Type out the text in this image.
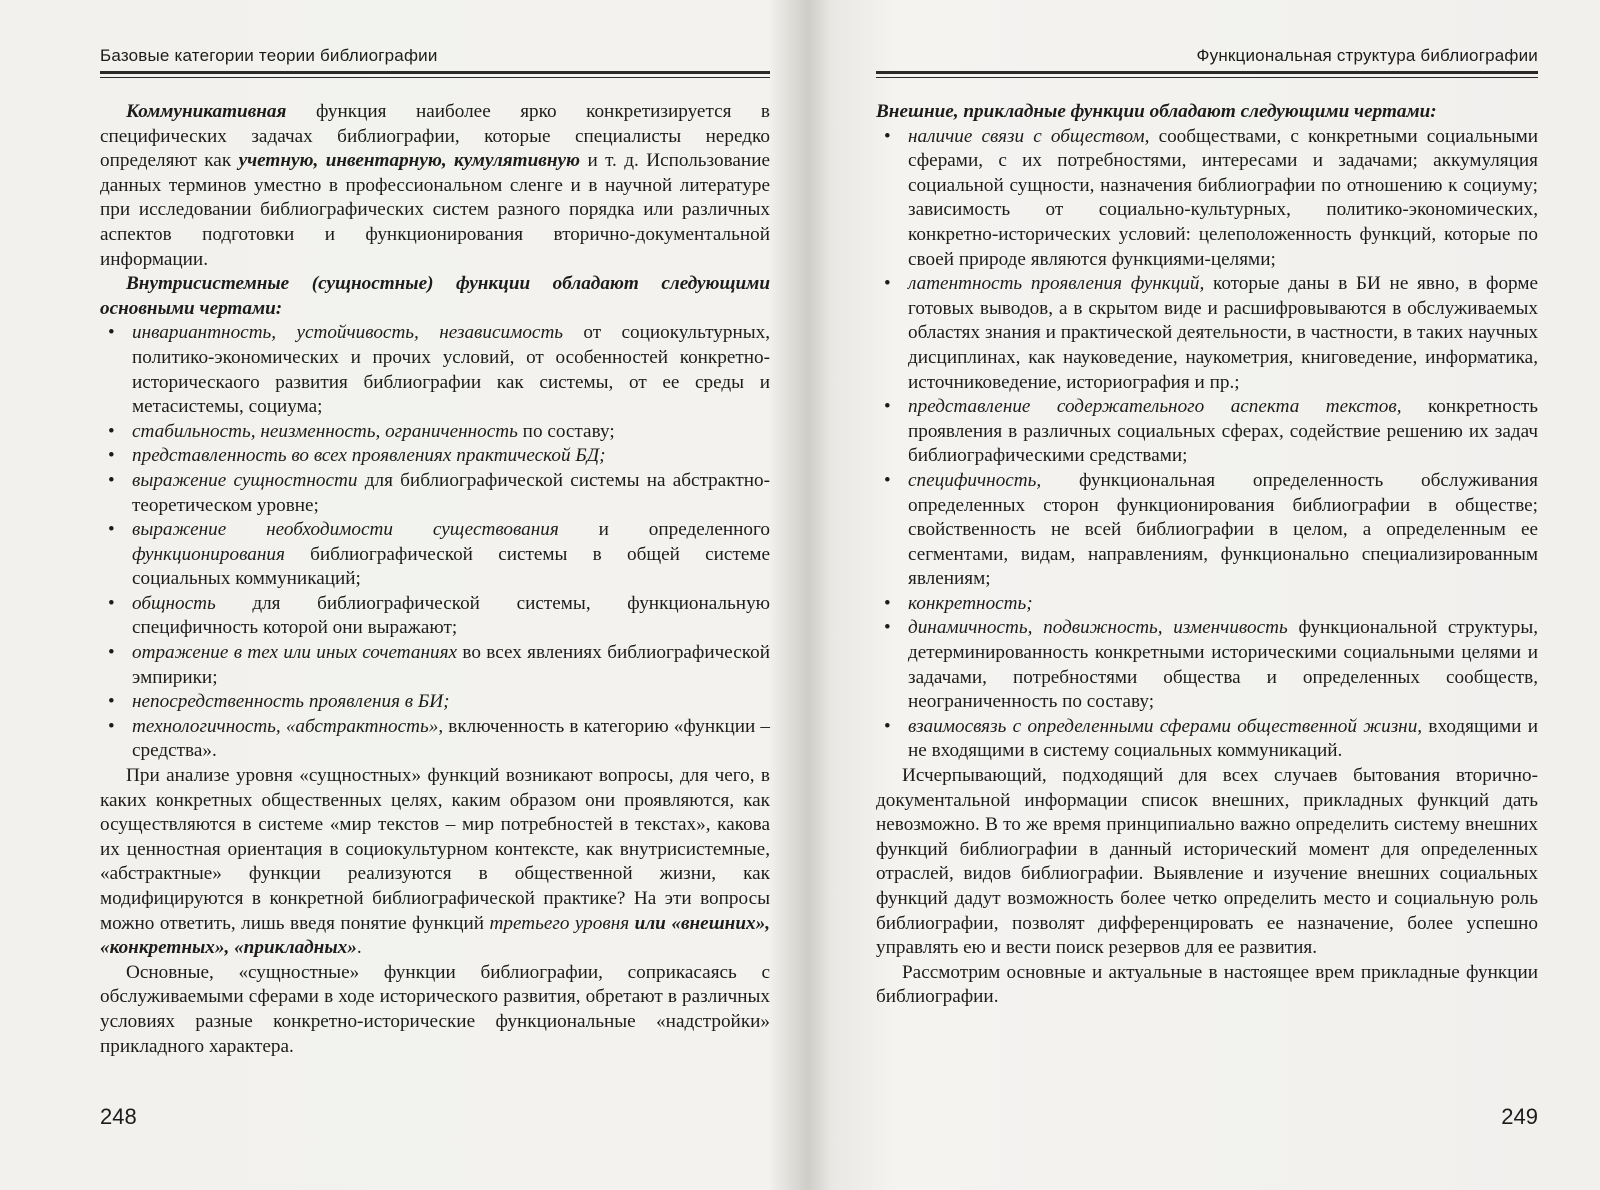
Базовые категории теории библиографии

Коммуникативная функция наиболее ярко конкретизируется в специфических задачах библиографии, которые специалисты нередко определяют как учетную, инвентарную, кумулятивную и т. д. Использование данных терминов уместно в профессиональном сленге и в научной литературе при исследовании библиографических систем разного порядка или различных аспектов подготовки и функционирования вторично-документальной информации.

Внутрисистемные (сущностные) функции обладают следующими основными чертами:

• инвариантность, устойчивость, независимость от социокультурных, политико-экономических и прочих условий, от особенностей конкретно-историческаого развития библиографии как системы, от ее среды и метасистемы, социума;
• стабильность, неизменность, ограниченность по составу;
• представленность во всех проявлениях практической БД;
• выражение сущностности для библиографической системы на абстрактно-теоретическом уровне;
• выражение необходимости существования и определенного функционирования библиографической системы в общей системе социальных коммуникаций;
• общность для библиографической системы, функциональную специфичность которой они выражают;
• отражение в тех или иных сочетаниях во всех явлениях библиографической эмпирики;
• непосредственность проявления в БИ;
• технологичность, «абстрактность», включенность в категорию «функции – средства».

При анализе уровня «сущностных» функций возникают вопросы, для чего, в каких конкретных общественных целях, каким образом они проявляются, как осуществляются в системе «мир текстов – мир потребностей в текстах», какова их ценностная ориентация в социокультурном контексте, как внутрисистемные, «абстрактные» функции реализуются в общественной жизни, как модифицируются в конкретной библиографической практике? На эти вопросы можно ответить, лишь введя понятие функций третьего уровня или «внешних», «конкретных», «прикладных».

Основные, «сущностные» функции библиографии, соприкасаясь с обслуживаемыми сферами в ходе исторического развития, обретают в различных условиях разные конкретно-исторические функциональные «надстройки» прикладного характера.

248
Функциональная структура библиографии

Внешние, прикладные функции обладают следующими чертами:

• наличие связи с обществом, сообществами, с конкретными социальными сферами, с их потребностями, интересами и задачами; аккумуляция социальной сущности, назначения библиографии по отношению к социуму; зависимость от социально-культурных, политико-экономических, конкретно-исторических условий: целеположенность функций, которые по своей природе являются функциями-целями;
• латентность проявления функций, которые даны в БИ не явно, в форме готовых выводов, а в скрытом виде и расшифровываются в обслуживаемых областях знания и практической деятельности, в частности, в таких научных дисциплинах, как науковедение, наукометрия, книговедение, информатика, источниковедение, историография и пр.;
• представление содержательного аспекта текстов, конкретность проявления в различных социальных сферах, содействие решению их задач библиографическими средствами;
• специфичность, функциональная определенность обслуживания определенных сторон функционирования библиографии в обществе; свойственность не всей библиографии в целом, а определенным ее сегментами, видам, направлениям, функционально специализированным явлениям;
• конкретность;
• динамичность, подвижность, изменчивость функциональной структуры, детерминированность конкретными историческими социальными целями и задачами, потребностями общества и определенных сообществ, неограниченность по составу;
• взаимосвязь с определенными сферами общественной жизни, входящими и не входящими в систему социальных коммуникаций.

Исчерпывающий, подходящий для всех случаев бытования вторично-документальной информации список внешних, прикладных функций дать невозможно. В то же время принципиально важно определить систему внешних функций библиографии в данный исторический момент для определенных отраслей, видов библиографии. Выявление и изучение внешних социальных функций дадут возможность более четко определить место и социальную роль библиографии, позволят дифференцировать ее назначение, более успешно управлять ею и вести поиск резервов для ее развития.

Рассмотрим основные и актуальные в настоящее врем прикладные функции библиографии.

249
